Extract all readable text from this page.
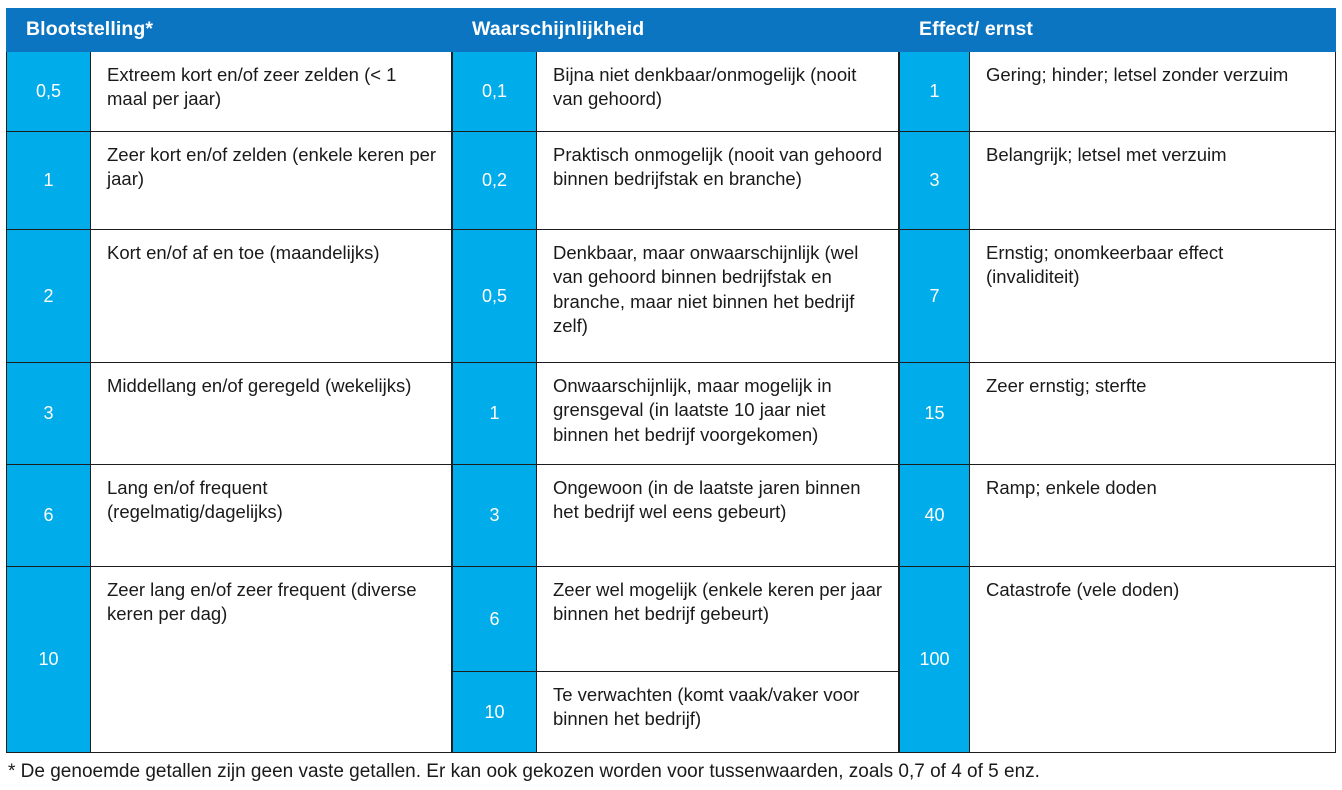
Blootstelling*
0,5
Extreem kort en/of zeer zelden (< 1 maal per jaar)
1
Zeer kort en/of zelden (enkele keren per jaar)
2
Kort en/of af en toe (maandelijks)
3
Middellang en/of geregeld (wekelijks)
6
Lang en/of frequent (regelmatig/dagelijks)
10
Zeer lang en/of zeer frequent (diverse keren per dag)
Waarschijnlijkheid
0,1
Bijna niet denkbaar/onmogelijk (nooit van gehoord)
0,2
Praktisch onmogelijk (nooit van gehoord binnen bedrijfstak en branche)
0,5
Denkbaar, maar onwaarschijnlijk (wel van gehoord binnen bedrijfstak en branche, maar niet binnen het bedrijf zelf)
1
Onwaarschijnlijk, maar mogelijk in grensgeval (in laatste 10 jaar niet binnen het bedrijf voorgekomen)
3
Ongewoon (in de laatste jaren binnen het bedrijf wel eens gebeurt)
6
Zeer wel mogelijk (enkele keren per jaar binnen het bedrijf gebeurt)
10
Te verwachten (komt vaak/vaker voor binnen het bedrijf)
Effect/ ernst
1
Gering; hinder; letsel zonder verzuim
3
Belangrijk; letsel met verzuim
7
Ernstig; onomkeerbaar effect (invaliditeit)
15
Zeer ernstig; sterfte
40
Ramp; enkele doden
100
Catastrofe (vele doden)
* De genoemde getallen zijn geen vaste getallen. Er kan ook gekozen worden voor tussenwaarden, zoals 0,7 of 4 of 5 enz.
